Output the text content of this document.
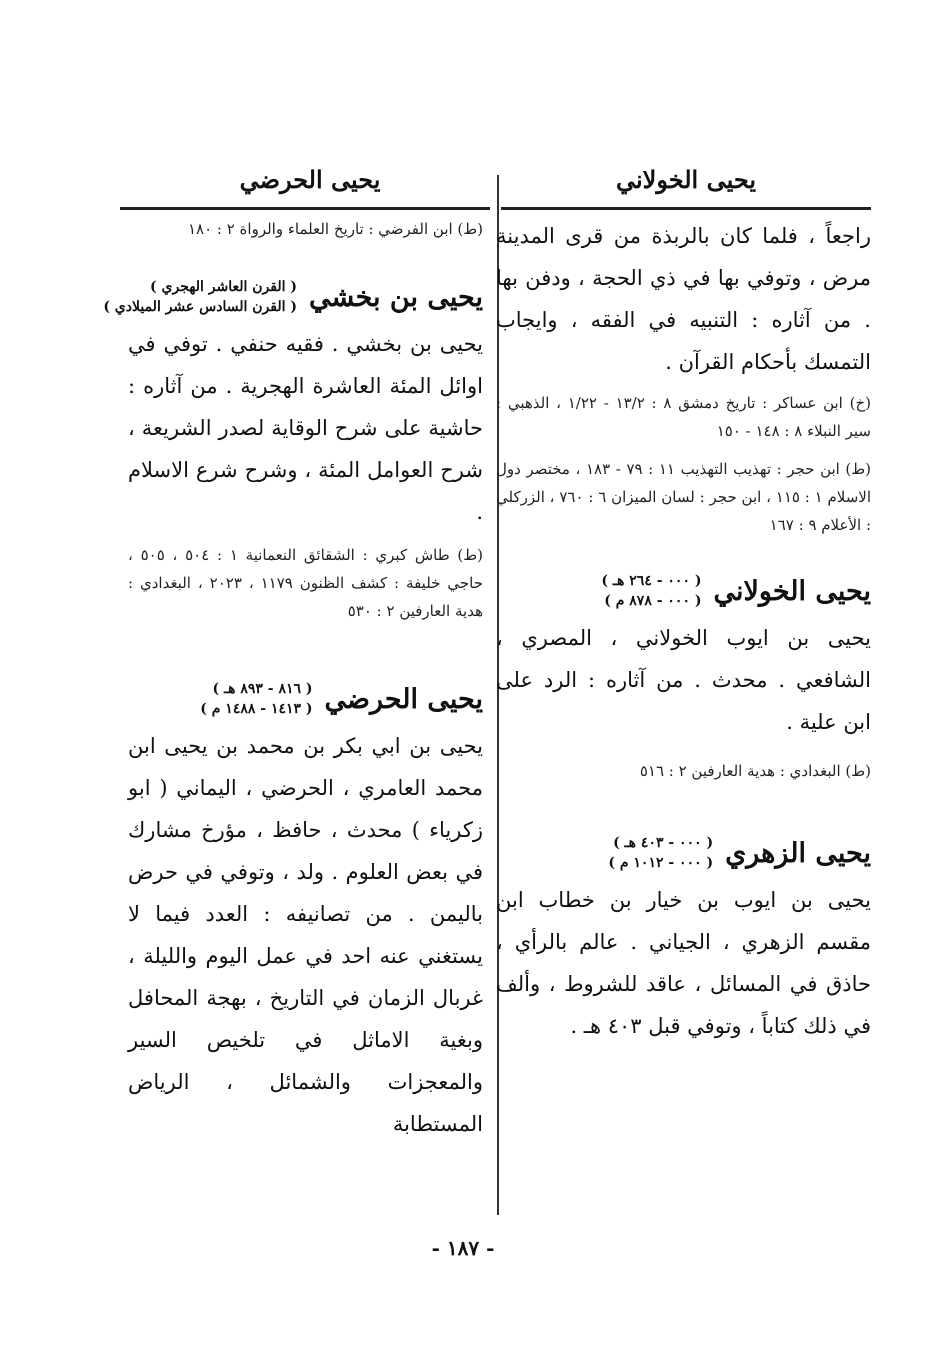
يحيى الخولاني
يحيى الحرضي

راجعاً ، فلما كان بالربذة من قرى المدينة مرض ، وتوفي بها في ذي الحجة ، ودفن بها . من آثاره : التنبيه في الفقه ، وايجاب التمسك بأحكام القرآن .

(خ) ابن عساكر : تاريخ دمشق ٨ : ١٣/٢ - ١/٢٢ ، الذهبي : سير النبلاء ٨ : ١٤٨ - ١٥٠

(ط) ابن حجر : تهذيب التهذيب ١١ : ٧٩ - ١٨٣ ، مختصر دول الاسلام ١ : ١١٥ ، ابن حجر : لسان الميزان ٦ : ٧٦٠ ، الزركلي : الأعلام ٩ : ١٦٧

يحيى الخولاني
( ٠٠٠ - ٢٦٤ هـ )
( ٠٠٠ - ٨٧٨ م )

يحيى بن ايوب الخولاني ، المصري ، الشافعي . محدث . من آثاره : الرد على ابن علية .

(ط) البغدادي : هدية العارفين ٢ : ٥١٦

يحيى الزهري
( ٠٠٠ - ٤٠٣ هـ )
( ٠٠٠ - ١٠١٢ م )

يحيى بن ايوب بن خيار بن خطاب ابن مقسم الزهري ، الجياني . عالم بالرأي ، حاذق في المسائل ، عاقد للشروط ، وألف في ذلك كتاباً ، وتوفي قبل ٤٠٣ هـ .

(ط) ابن الفرضي : تاريخ العلماء والرواة ٢ : ١٨٠

يحيى بن بخشي
( القرن العاشر الهجري )
( القرن السادس عشر الميلادي )

يحيى بن بخشي . فقيه حنفي . توفي في اوائل المئة العاشرة الهجرية . من آثاره : حاشية على شرح الوقاية لصدر الشريعة ، شرح العوامل المئة ، وشرح شرع الاسلام .

(ط) طاش كبري : الشقائق النعمانية ١ : ٥٠٤ ، ٥٠٥ ، حاجي خليفة : كشف الظنون ١١٧٩ ، ٢٠٢٣ ، البغدادي : هدية العارفين ٢ : ٥٣٠

يحيى الحرضي
( ٨١٦ - ٨٩٣ هـ )
( ١٤١٣ - ١٤٨٨ م )

يحيى بن ابي بكر بن محمد بن يحيى ابن محمد العامري ، الحرضي ، اليماني ( ابو زكرياء ) محدث ، حافظ ، مؤرخ مشارك في بعض العلوم . ولد ، وتوفي في حرض باليمن . من تصانيفه : العدد فيما لا يستغني عنه احد في عمل اليوم والليلة ، غربال الزمان في التاريخ ، بهجة المحافل وبغية الاماثل في تلخيص السير والمعجزات والشمائل ، الرياض المستطابة

- ١٨٧ -
